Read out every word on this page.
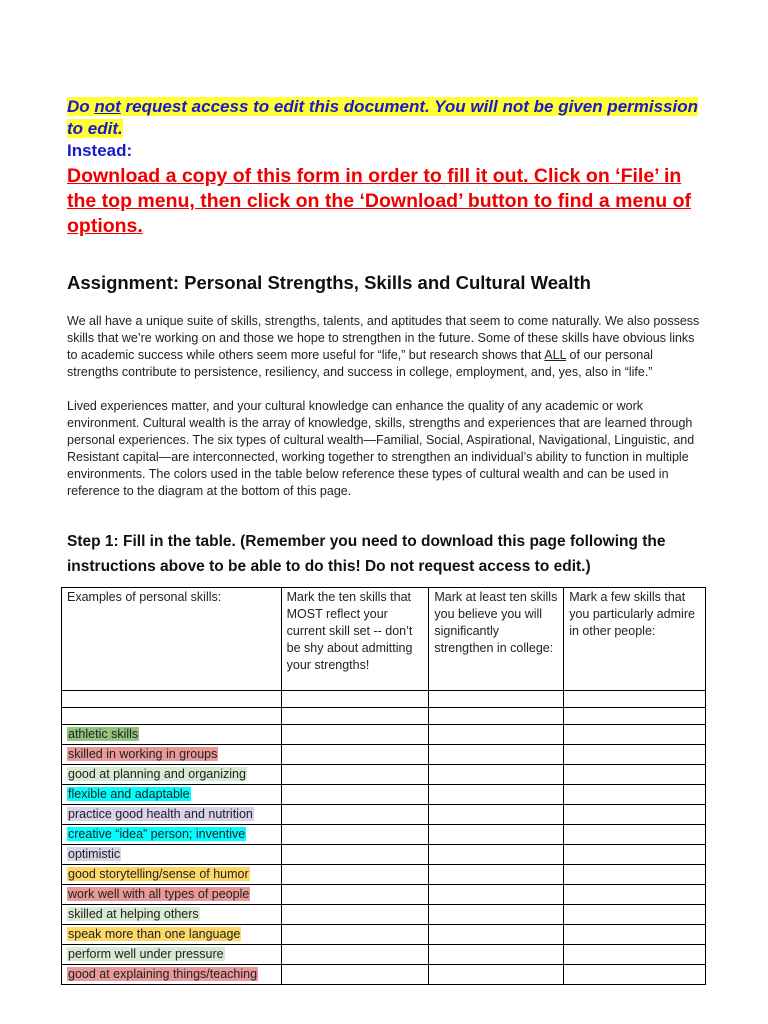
Do not request access to edit this document. You will not be given permission to edit.
Instead:
Download a copy of this form in order to fill it out. Click on ‘File’ in the top menu, then click on the ‘Download’ button to find a menu of options.
Assignment: Personal Strengths, Skills and Cultural Wealth
We all have a unique suite of skills, strengths, talents, and aptitudes that seem to come naturally. We also possess skills that we’re working on and those we hope to strengthen in the future. Some of these skills have obvious links to academic success while others seem more useful for “life,” but research shows that ALL of our personal strengths contribute to persistence, resiliency, and success in college, employment, and, yes, also in “life.”
Lived experiences matter, and your cultural knowledge can enhance the quality of any academic or work environment. Cultural wealth is the array of knowledge, skills, strengths and experiences that are learned through personal experiences. The six types of cultural wealth—Familial, Social, Aspirational, Navigational, Linguistic, and Resistant capital—are interconnected, working together to strengthen an individual’s ability to function in multiple environments. The colors used in the table below reference these types of cultural wealth and can be used in reference to the diagram at the bottom of this page.
Step 1: Fill in the table. (Remember you need to download this page following the instructions above to be able to do this! Do not request access to edit.)
Examples of personal skills:	Mark the ten skills that MOST reflect your current skill set -- don’t be shy about admitting your strengths!	Mark at least ten skills you believe you will significantly strengthen in college:	Mark a few skills that you particularly admire in other people:

athletic skills			
skilled in working in groups			
good at planning and organizing			
flexible and adaptable			
practice good health and nutrition			
creative “idea” person; inventive			
optimistic			
good storytelling/sense of humor			
work well with all types of people			
skilled at helping others			
speak more than one language			
perform well under pressure			
good at explaining things/teaching			
